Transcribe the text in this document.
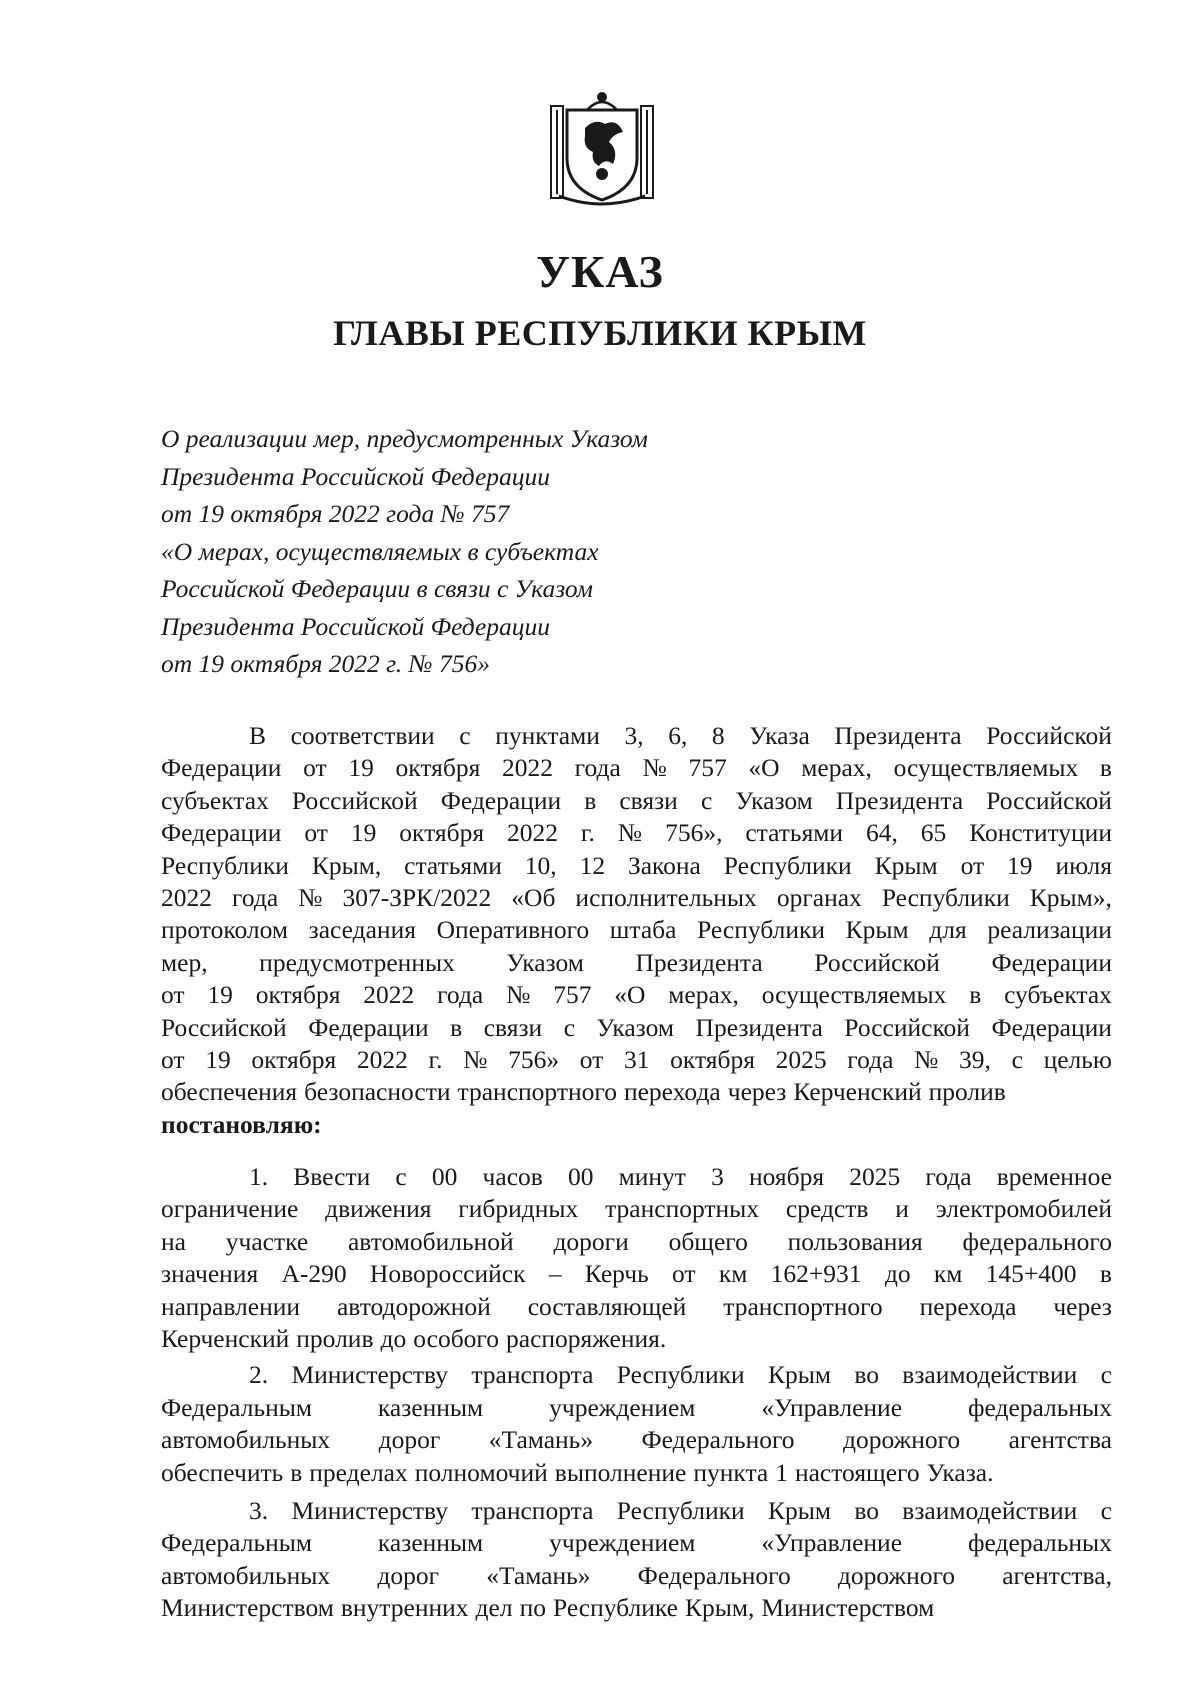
УКАЗ
ГЛАВЫ РЕСПУБЛИКИ КРЫМ
О реализации мер, предусмотренных Указом
Президента Российской Федерации
от 19 октября 2022 года № 757
«О мерах, осуществляемых в субъектах
Российской Федерации в связи с Указом
Президента Российской Федерации
от 19 октября 2022 г. № 756»
В соответствии с пунктами 3, 6, 8 Указа Президента Российской
Федерации от 19 октября 2022 года № 757 «О мерах, осуществляемых в
субъектах Российской Федерации в связи с Указом Президента Российской
Федерации от 19 октября 2022 г. № 756», статьями 64, 65 Конституции
Республики Крым, статьями 10, 12 Закона Республики Крым от 19 июля
2022 года № 307-ЗРК/2022 «Об исполнительных органах Республики Крым»,
протоколом заседания Оперативного штаба Республики Крым для реализации
мер, предусмотренных Указом Президента Российской Федерации
от 19 октября 2022 года № 757 «О мерах, осуществляемых в субъектах
Российской Федерации в связи с Указом Президента Российской Федерации
от 19 октября 2022 г. № 756» от 31 октября 2025 года № 39, с целью
обеспечения безопасности транспортного перехода через Керченский пролив
постановляю:
1. Ввести с 00 часов 00 минут 3 ноября 2025 года временное
ограничение движения гибридных транспортных средств и электромобилей
на участке автомобильной дороги общего пользования федерального
значения А-290 Новороссийск – Керчь от км 162+931 до км 145+400 в
направлении автодорожной составляющей транспортного перехода через
Керченский пролив до особого распоряжения.
2. Министерству транспорта Республики Крым во взаимодействии с
Федеральным	казенным	учреждением	«Управление	федеральных
автомобильных дорог «Тамань» Федерального дорожного агентства
обеспечить в пределах полномочий выполнение пункта 1 настоящего Указа.
3. Министерству транспорта Республики Крым во взаимодействии с
Федеральным	казенным	учреждением	«Управление	федеральных
автомобильных дорог «Тамань» Федерального дорожного агентства,
Министерством внутренних дел по Республике Крым, Министерством
